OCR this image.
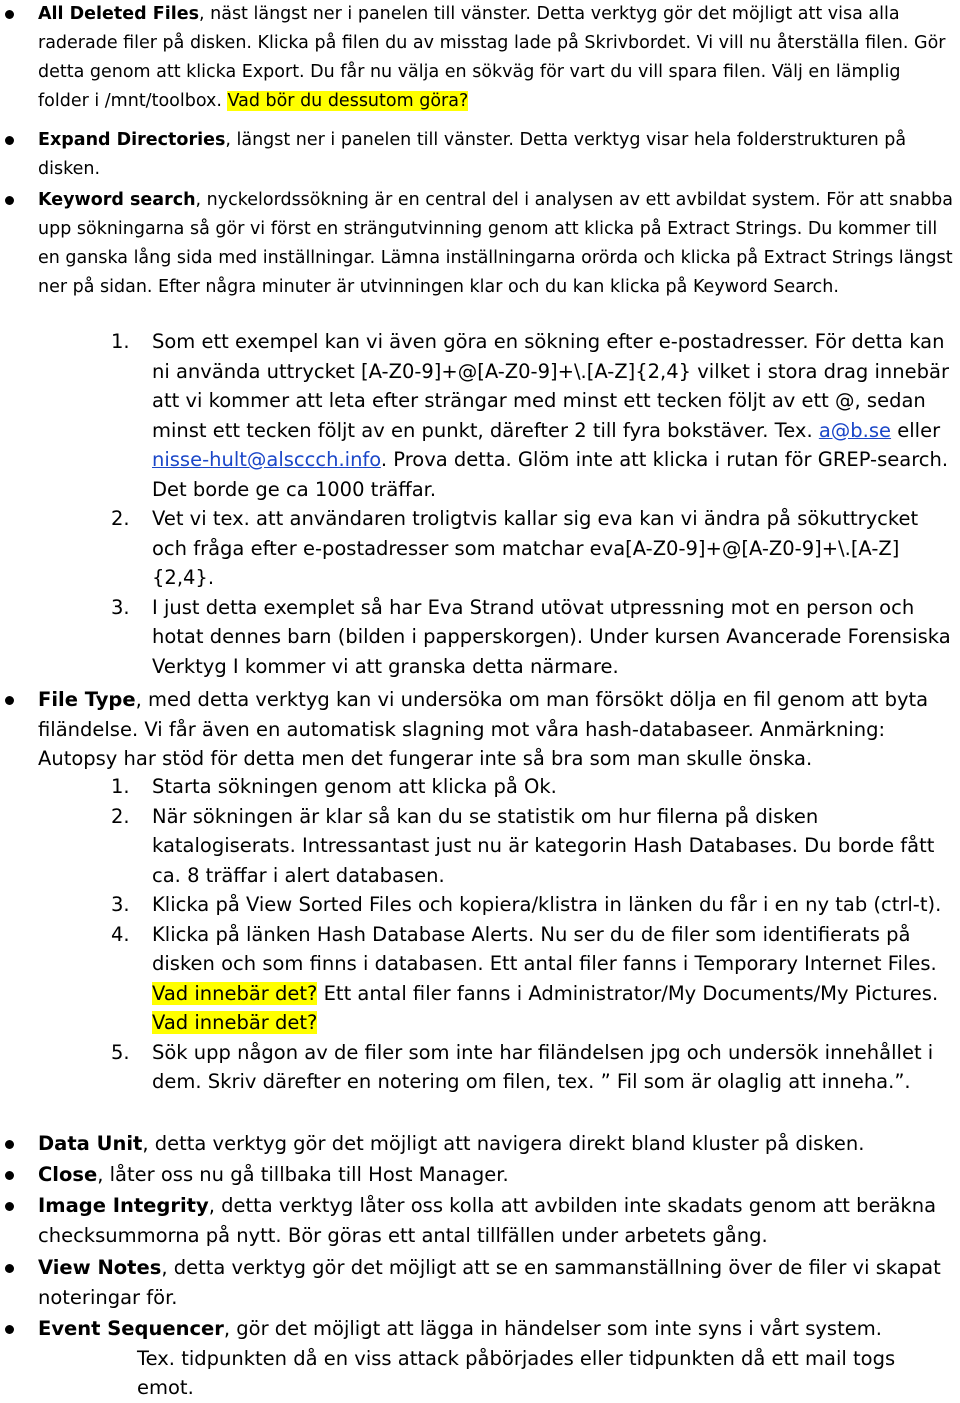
All Deleted Files, näst längst ner i panelen till vänster. Detta verktyg gör det möjligt att visa alla raderade filer på disken. Klicka på filen du av misstag lade på Skrivbordet. Vi vill nu återställa filen. Gör detta genom att klicka Export. Du får nu välja en sökväg för vart du vill spara filen. Välj en lämplig folder i /mnt/toolbox. Vad bör du dessutom göra?
Expand Directories, längst ner i panelen till vänster. Detta verktyg visar hela folderstrukturen på disken.
Keyword search, nyckelordssökning är en central del i analysen av ett avbildat system. För att snabba upp sökningarna så gör vi först en strängutvinning genom att klicka på Extract Strings. Du kommer till en ganska lång sida med inställningar. Lämna inställningarna orörda och klicka på Extract Strings längst ner på sidan. Efter några minuter är utvinningen klar och du kan klicka på Keyword Search.
1. Som ett exempel kan vi även göra en sökning efter e-postadresser. För detta kan ni använda uttrycket [A-Z0-9]+@[A-Z0-9]+\.[A-Z]{2,4} vilket i stora drag innebär att vi kommer att leta efter strängar med minst ett tecken följt av ett @, sedan minst ett tecken följt av en punkt, därefter 2 till fyra bokstäver. Tex. a@b.se eller nisse-hult@alsccch.info. Prova detta. Glöm inte att klicka i rutan för GREP-search. Det borde ge ca 1000 träffar.
2. Vet vi tex. att användaren troligtvis kallar sig eva kan vi ändra på sökuttrycket och fråga efter e-postadresser som matchar eva[A-Z0-9]+@[A-Z0-9]+\.[A-Z]{2,4}.
3. I just detta exemplet så har Eva Strand utövat utpressning mot en person och hotat dennes barn (bilden i papperskorgen). Under kursen Avancerade Forensiska Verktyg I kommer vi att granska detta närmare.
File Type, med detta verktyg kan vi undersöka om man försökt dölja en fil genom att byta filändelse. Vi får även en automatisk slagning mot våra hash-databaseer. Anmärkning: Autopsy har stöd för detta men det fungerar inte så bra som man skulle önska.
1. Starta sökningen genom att klicka på Ok.
2. När sökningen är klar så kan du se statistik om hur filerna på disken katalogiserats. Intressantast just nu är kategorin Hash Databases. Du borde fått ca. 8 träffar i alert databasen.
3. Klicka på View Sorted Files och kopiera/klistra in länken du får i en ny tab (ctrl-t).
4. Klicka på länken Hash Database Alerts. Nu ser du de filer som identifierats på disken och som finns i databasen. Ett antal filer fanns i Temporary Internet Files. Vad innebär det? Ett antal filer fanns i Administrator/My Documents/My Pictures. Vad innebär det?
5. Sök upp någon av de filer som inte har filändelsen jpg och undersök innehållet i dem. Skriv därefter en notering om filen, tex. ” Fil som är olaglig att inneha.”.
Data Unit, detta verktyg gör det möjligt att navigera direkt bland kluster på disken.
Close, låter oss nu gå tillbaka till Host Manager.
Image Integrity, detta verktyg låter oss kolla att avbilden inte skadats genom att beräkna checksummorna på nytt. Bör göras ett antal tillfällen under arbetets gång.
View Notes, detta verktyg gör det möjligt att se en sammanställning över de filer vi skapat noteringar för.
Event Sequencer, gör det möjligt att lägga in händelser som inte syns i vårt system.
Tex. tidpunkten då en viss attack påbörjades eller tidpunkten då ett mail togs emot.
